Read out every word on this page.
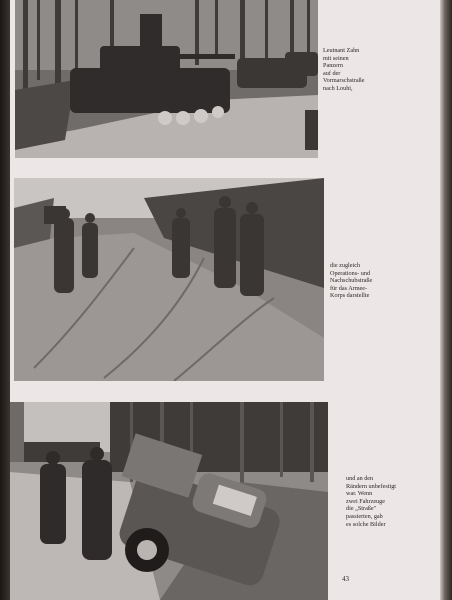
Leutnant Zahn
mit seinen
Panzern
auf der
Vormarschstraße
nach Louhi,
die zugleich
Operations- und
Nachschubstraße
für das Armee-
Korps darstellte
und an den
Rändern unbefestigt
war. Wenn
zwei Fahrzeuge
die „Straße"
passierten, gab
es solche Bilder
43
